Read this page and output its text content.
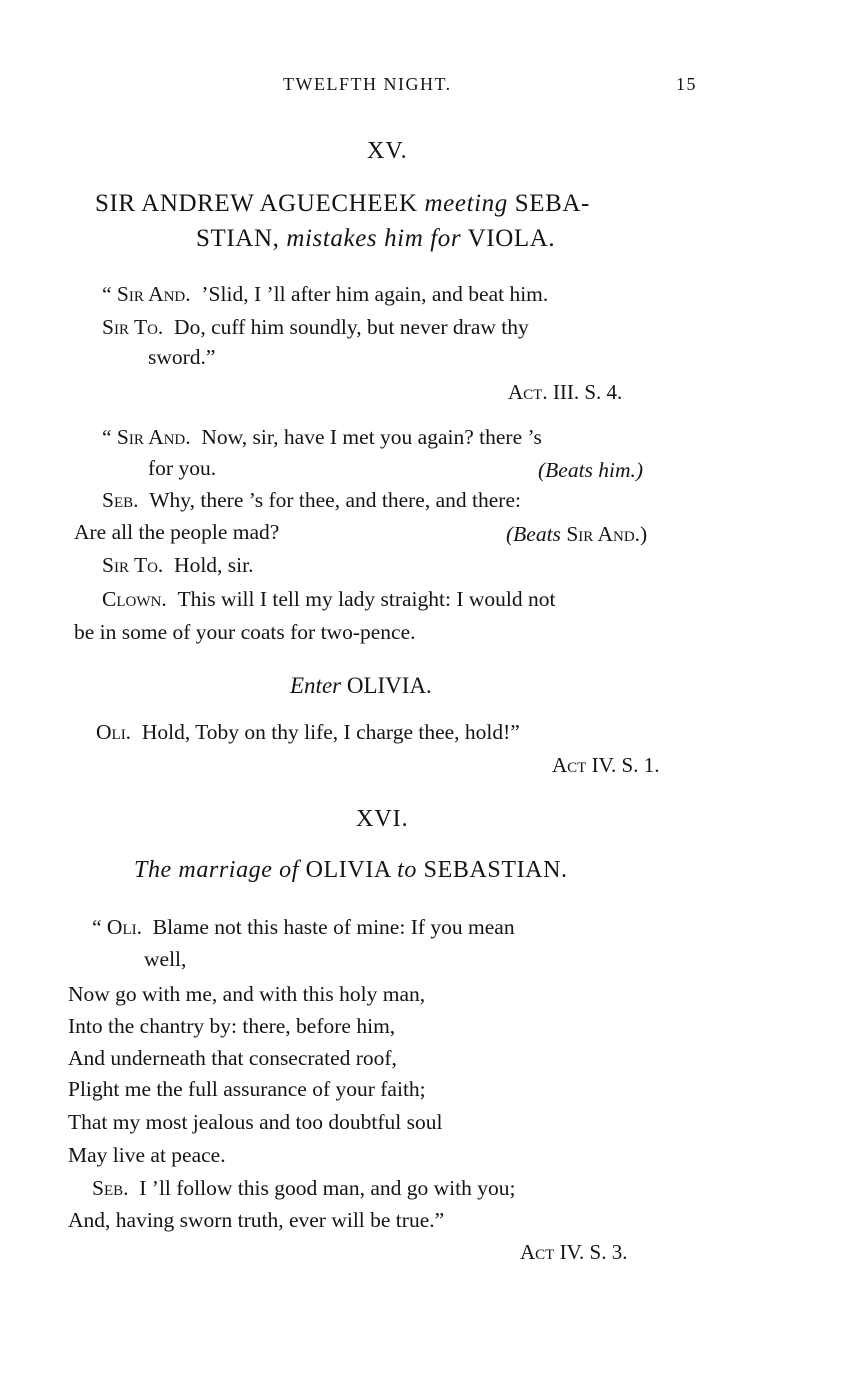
TWELFTH NIGHT.	15
XV.
SIR ANDREW AGUECHEEK meeting SEBA-
STIAN, mistakes him for VIOLA.
“ Sir And. ’Slid, I ’ll after him again, and beat him.
Sir To. Do, cuff him soundly, but never draw thy
sword.”
Act. III. S. 4.
“ Sir And. Now, sir, have I met you again? there ’s
for you.	(Beats him.)
Seb. Why, there ’s for thee, and there, and there:
Are all the people mad?	(Beats Sir And.)
Sir To. Hold, sir.
Clown. This will I tell my lady straight: I would not
be in some of your coats for two-pence.
Enter OLIVIA.
Oli. Hold, Toby on thy life, I charge thee, hold!”
Act IV. S. 1.
XVI.
The marriage of OLIVIA to SEBASTIAN.
“ Oli. Blame not this haste of mine: If you mean
well,
Now go with me, and with this holy man,
Into the chantry by: there, before him,
And underneath that consecrated roof,
Plight me the full assurance of your faith;
That my most jealous and too doubtful soul
May live at peace.
Seb. I ’ll follow this good man, and go with you;
And, having sworn truth, ever will be true.”
Act IV. S. 3.
